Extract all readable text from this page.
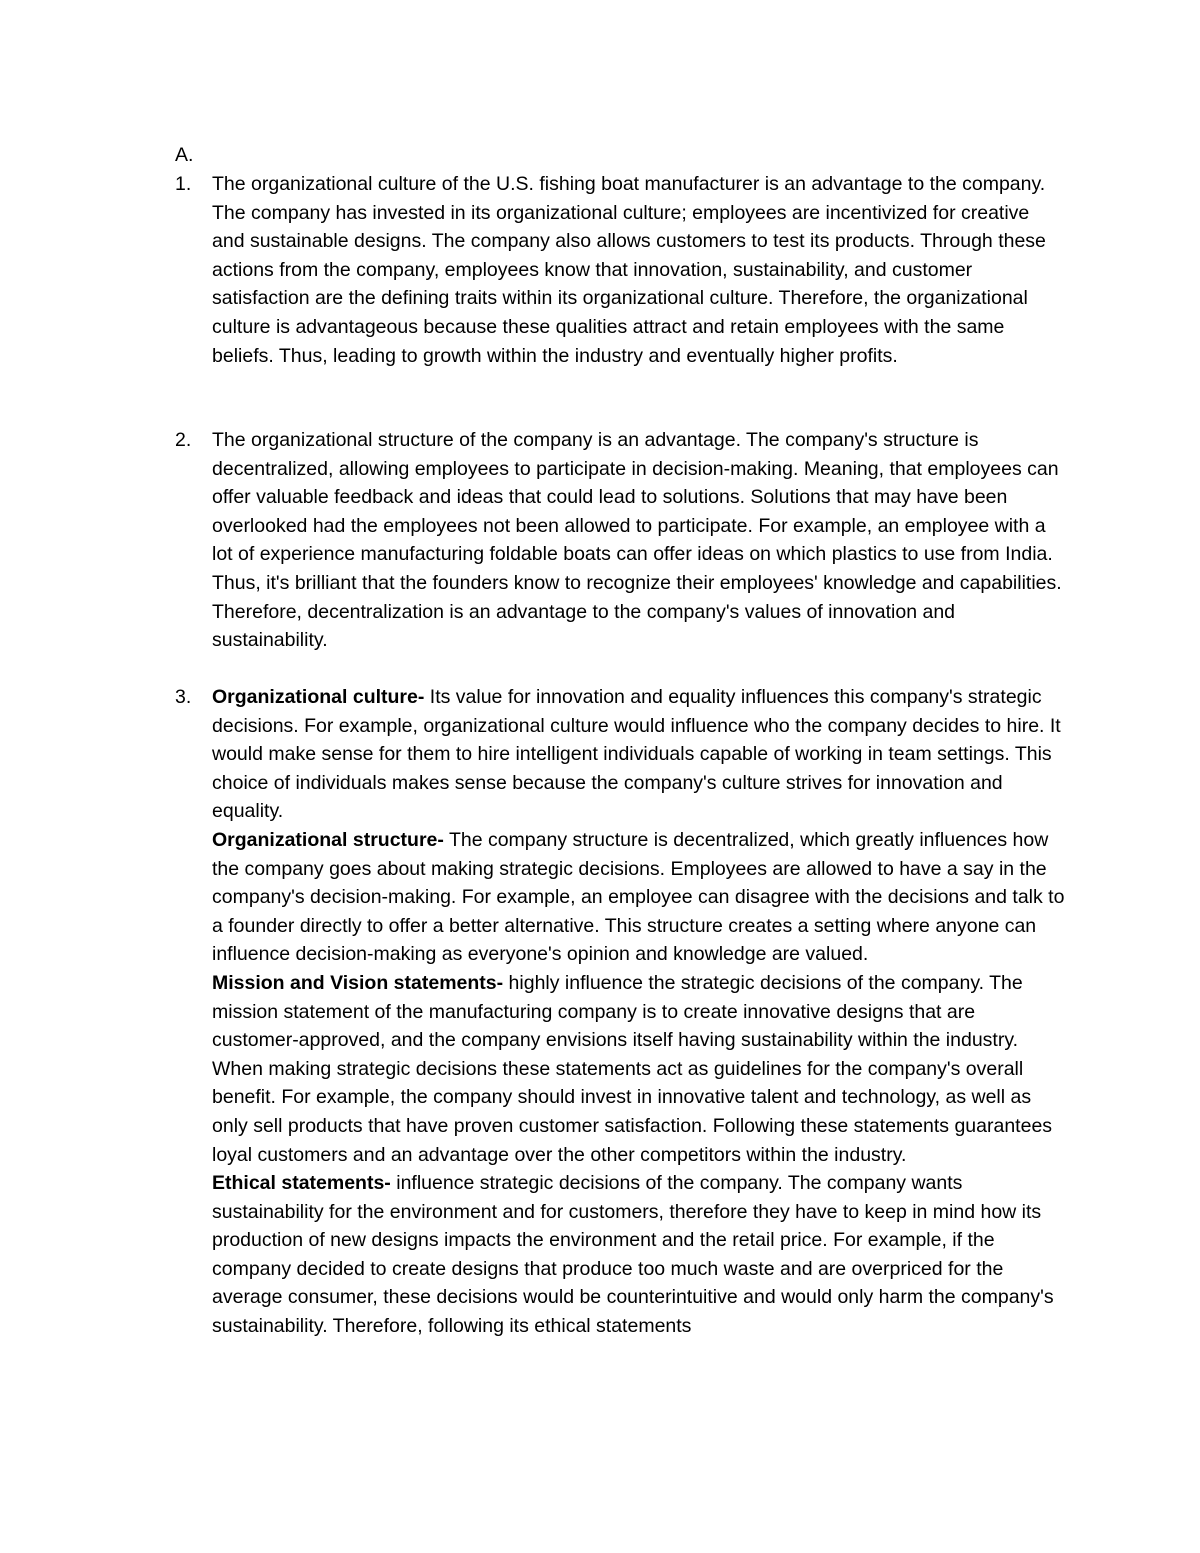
A.

1.	The organizational culture of the U.S. fishing boat manufacturer is an advantage to the company. The company has invested in its organizational culture; employees are incentivized for creative and sustainable designs. The company also allows customers to test its products. Through these actions from the company, employees know that innovation, sustainability, and customer satisfaction are the defining traits within its organizational culture. Therefore, the organizational culture is advantageous because these qualities attract and retain employees with the same beliefs. Thus, leading to growth within the industry and eventually higher profits.

2.	The organizational structure of the company is an advantage. The company's structure is decentralized, allowing employees to participate in decision-making. Meaning, that employees can offer valuable feedback and ideas that could lead to solutions. Solutions that may have been overlooked had the employees not been allowed to participate. For example, an employee with a lot of experience manufacturing foldable boats can offer ideas on which plastics to use from India. Thus, it's brilliant that the founders know to recognize their employees' knowledge and capabilities. Therefore, decentralization is an advantage to the company's values of innovation and sustainability.

3.	Organizational culture- Its value for innovation and equality influences this company's strategic decisions. For example, organizational culture would influence who the company decides to hire. It would make sense for them to hire intelligent individuals capable of working in team settings. This choice of individuals makes sense because the company's culture strives for innovation and equality.

Organizational structure- The company structure is decentralized, which greatly influences how the company goes about making strategic decisions. Employees are allowed to have a say in the company's decision-making. For example, an employee can disagree with the decisions and talk to a founder directly to offer a better alternative. This structure creates a setting where anyone can influence decision-making as everyone's opinion and knowledge are valued.

Mission and Vision statements- highly influence the strategic decisions of the company. The mission statement of the manufacturing company is to create innovative designs that are customer-approved, and the company envisions itself having sustainability within the industry. When making strategic decisions these statements act as guidelines for the company's overall benefit. For example, the company should invest in innovative talent and technology, as well as only sell products that have proven customer satisfaction. Following these statements guarantees loyal customers and an advantage over the other competitors within the industry.

Ethical statements- influence strategic decisions of the company. The company wants sustainability for the environment and for customers, therefore they have to keep in mind how its production of new designs impacts the environment and the retail price. For example, if the company decided to create designs that produce too much waste and are overpriced for the average consumer, these decisions would be counterintuitive and would only harm the company's sustainability. Therefore, following its ethical statements
